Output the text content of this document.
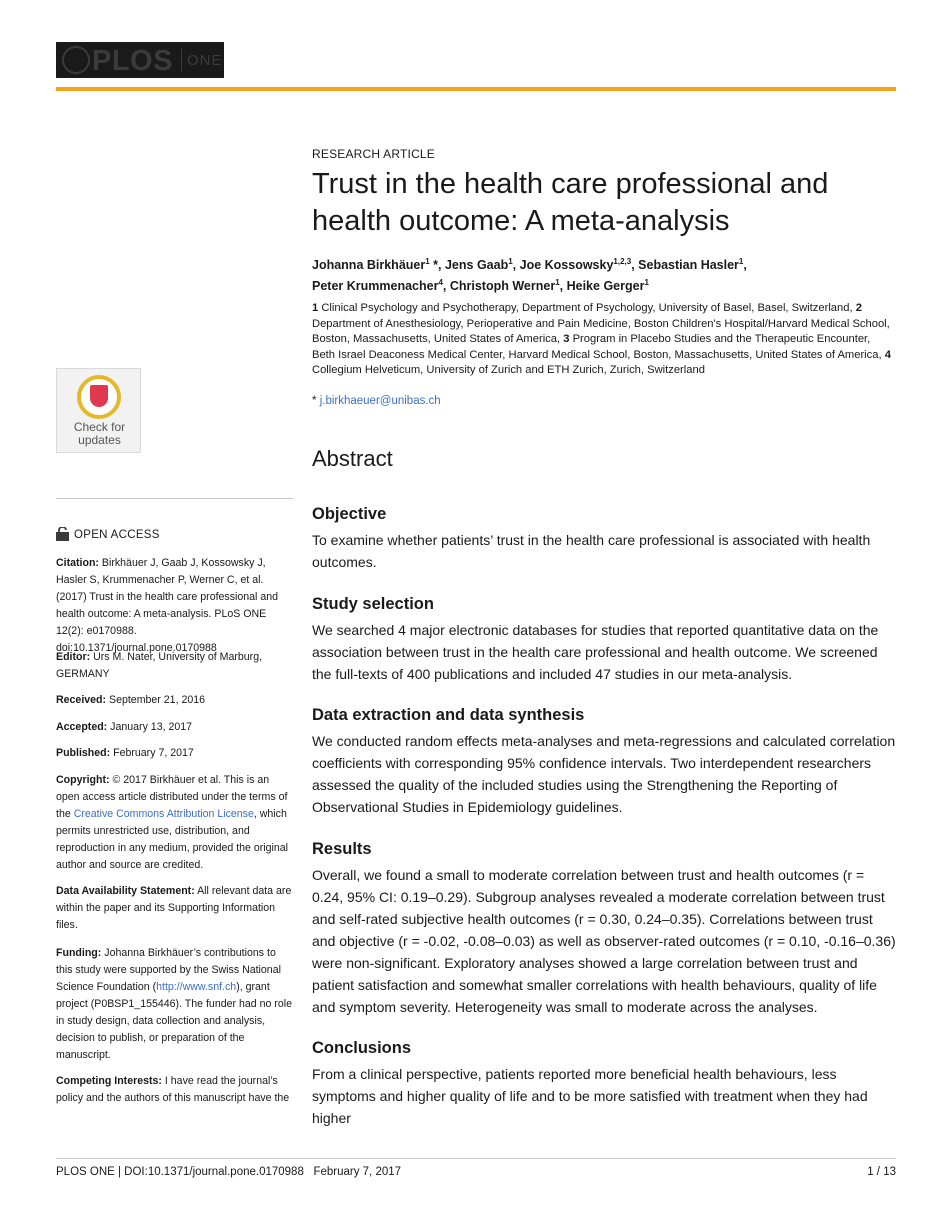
PLOS ONE
RESEARCH ARTICLE
Trust in the health care professional and
health outcome: A meta-analysis
Johanna Birkhäuer$^1$ *, Jens Gaab$^1$, Joe Kossowsky$^{1,2,3}$, Sebastian Hasler$^1$,
Peter Krummenacher$^4$, Christoph Werner$^1$, Heike Gerger$^1$
1 Clinical Psychology and Psychotherapy, Department of Psychology, University of Basel, Basel, Switzerland, 2 Department of Anesthesiology, Perioperative and Pain Medicine, Boston Children's Hospital/Harvard Medical School, Boston, Massachusetts, United States of America, 3 Program in Placebo Studies and the Therapeutic Encounter, Beth Israel Deaconess Medical Center, Harvard Medical School, Boston, Massachusetts, United States of America, 4 Collegium Helveticum, University of Zurich and ETH Zurich, Zurich, Switzerland
* j.birkhaeuer@unibas.ch
Abstract
Objective

To examine whether patients’ trust in the health care professional is associated with health outcomes.

Study selection

We searched 4 major electronic databases for studies that reported quantitative data on the association between trust in the health care professional and health outcome. We screened the full-texts of 400 publications and included 47 studies in our meta-analysis.

Data extraction and data synthesis

We conducted random effects meta-analyses and meta-regressions and calculated correlation coefficients with corresponding 95% confidence intervals. Two interdependent researchers assessed the quality of the included studies using the Strengthening the Reporting of Observational Studies in Epidemiology guidelines.

Results

Overall, we found a small to moderate correlation between trust and health outcomes (r = 0.24, 95% CI: 0.19–0.29). Subgroup analyses revealed a moderate correlation between trust and self-rated subjective health outcomes (r = 0.30, 0.24–0.35). Correlations between trust and objective (r = -0.02, -0.08–0.03) as well as observer-rated outcomes (r = 0.10, -0.16–0.36) were non-significant. Exploratory analyses showed a large correlation between trust and patient satisfaction and somewhat smaller correlations with health behaviours, quality of life and symptom severity. Heterogeneity was small to moderate across the analyses.

Conclusions

From a clinical perspective, patients reported more beneficial health behaviours, less symptoms and higher quality of life and to be more satisfied with treatment when they had higher

Check for
updates
OPEN ACCESS
Citation: Birkhäuer J, Gaab J, Kossowsky J, Hasler S, Krummenacher P, Werner C, et al. (2017) Trust in the health care professional and health outcome: A meta-analysis. PLoS ONE 12(2): e0170988. doi:10.1371/journal.pone.0170988
Editor: Urs M. Nater, University of Marburg, GERMANY
Received: September 21, 2016
Accepted: January 13, 2017
Published: February 7, 2017
Copyright: © 2017 Birkhäuer et al. This is an open access article distributed under the terms of the Creative Commons Attribution License, which permits unrestricted use, distribution, and reproduction in any medium, provided the original author and source are credited.
Data Availability Statement: All relevant data are within the paper and its Supporting Information files.
Funding: Johanna Birkhäuer’s contributions to this study were supported by the Swiss National Science Foundation (http://www.snf.ch), grant project (P0BSP1_155446). The funder had no role in study design, data collection and analysis, decision to publish, or preparation of the manuscript.
Competing Interests: I have read the journal’s policy and the authors of this manuscript have the
PLOS ONE | DOI:10.1371/journal.pone.0170988 February 7, 2017	1 / 13
